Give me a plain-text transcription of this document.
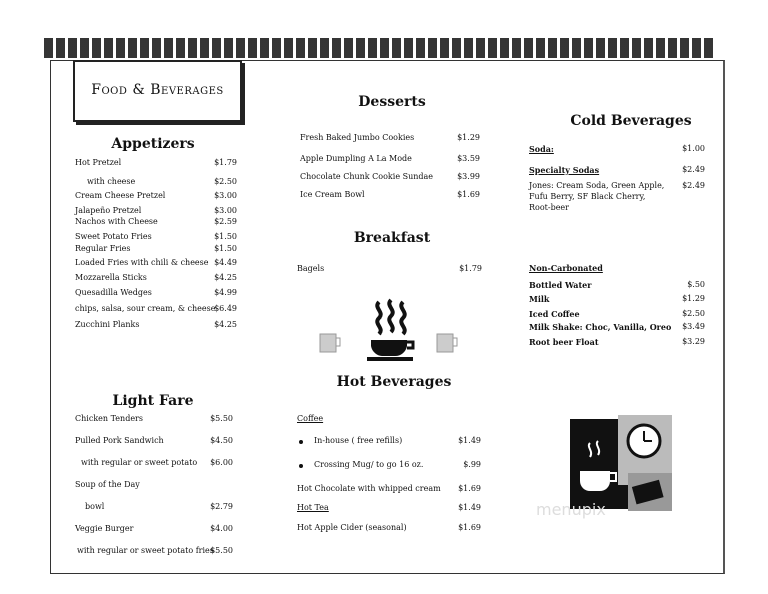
Food & Beverages
Appetizers
Hot Pretzel	$1.79
with cheese	$2.50
Cream Cheese Pretzel	$3.00
Jalapeño Pretzel	$3.00
Nachos with Cheese	$2.59
Sweet Potato Fries	$1.50
Regular Fries	$1.50
Loaded Fries with chili & cheese $4.49
Mozzarella Sticks	$4.25
Quesadilla Wedges	$4.99
chips, salsa, sour cream, & cheese
$6.49
Zucchini Planks	$4.25
Light Fare
Chicken Tenders	$5.50
Pulled Pork Sandwich	$4.50
with regular or sweet potato $6.00
Soup of the Day
bowl	$2.79
Veggie Burger	$4.00
with regular or sweet potato fries
$5.50
Desserts
Fresh Baked Jumbo Cookies	$1.29
Apple Dumpling A La Mode	$3.59
Chocolate Chunk Cookie Sundae	$3.99
Ice Cream Bowl	$1.69
Breakfast
Bagels	$1.79
Hot Beverages
Coffee
In-house ( free refills)	$1.49
Crossing Mug/ to go 16 oz.	$.99
Hot Chocolate with whipped cream $1.69
Hot Tea	$1.49
Hot Apple Cider (seasonal)	$1.69
Cold Beverages
Soda:	$1.00
Specialty Sodas	$2.49
Jones: Cream Soda, Green Apple, $2.49
Fufu Berry, SF Black Cherry,
Root-beer
Non-Carbonated
Bottled Water	$.50
Milk	$1.29
Iced Coffee	$2.50
Milk Shake: Choc, Vanilla, Oreo $3.49
Root beer Float	$3.29
menupix
